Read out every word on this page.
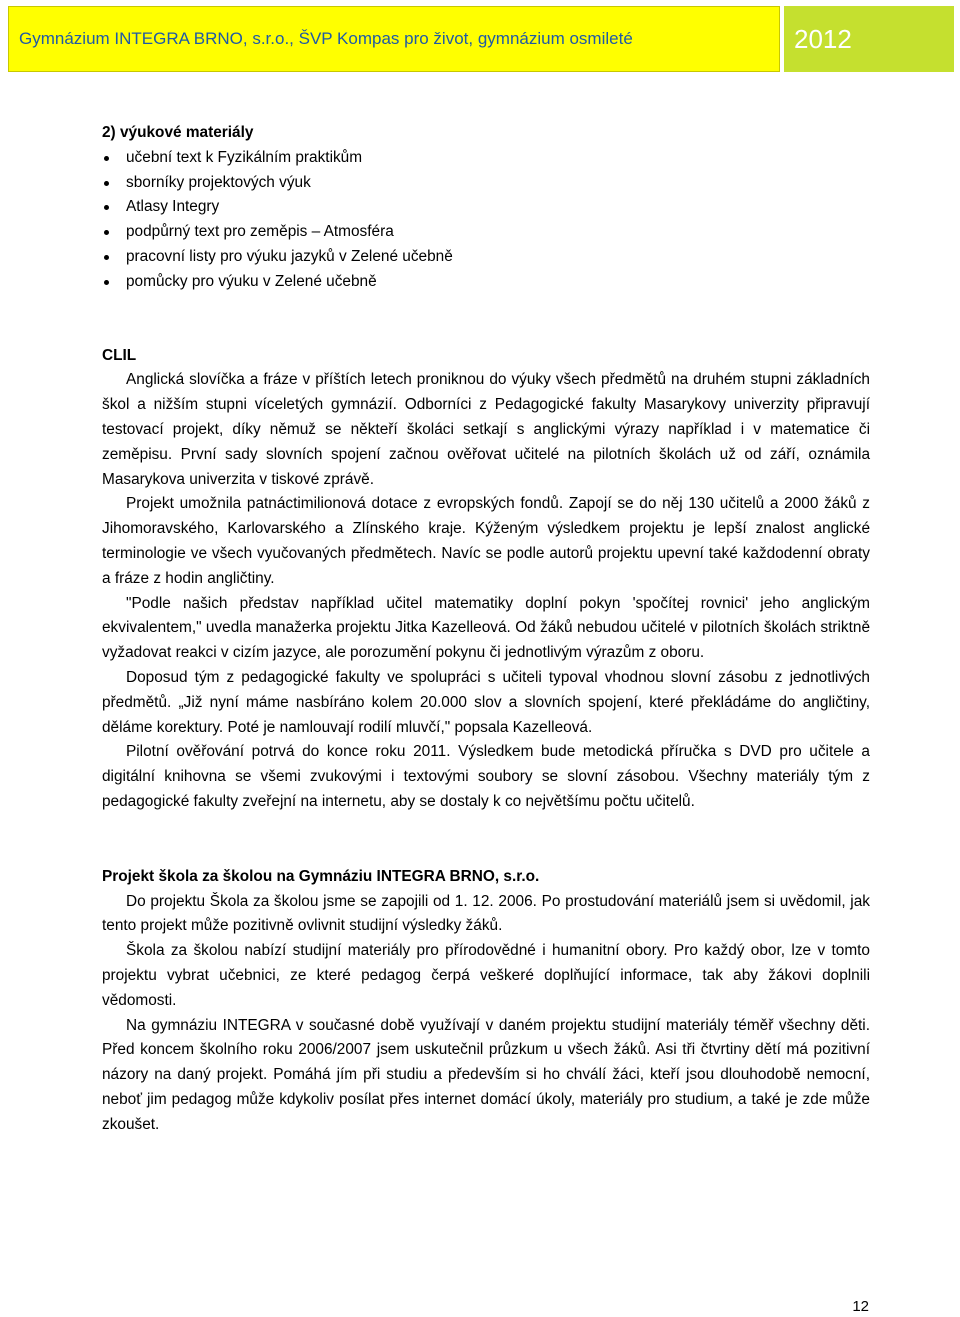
Gymnázium INTEGRA BRNO, s.r.o., ŠVP Kompas pro život, gymnázium osmileté	2012
2) výukové materiály
učební text k Fyzikálním praktikům
sborníky projektových výuk
Atlasy Integry
podpůrný text pro zeměpis – Atmosféra
pracovní listy pro výuku jazyků v Zelené učebně
pomůcky pro výuku v Zelené učebně
CLIL

Anglická slovíčka a fráze v příštích letech proniknou do výuky všech předmětů na druhém stupni základních škol a nižším stupni víceletých gymnázií. Odborníci z Pedagogické fakulty Masarykovy univerzity připravují testovací projekt, díky němuž se někteří školáci setkají s anglickými výrazy například i v matematice či zeměpisu. První sady slovních spojení začnou ověřovat učitelé na pilotních školách už od září, oznámila Masarykova univerzita v tiskové zprávě.

Projekt umožnila patnáctimilionová dotace z evropských fondů. Zapojí se do něj 130 učitelů a 2000 žáků z Jihomoravského, Karlovarského a Zlínského kraje. Kýženým výsledkem projektu je lepší znalost anglické terminologie ve všech vyučovaných předmětech. Navíc se podle autorů projektu upevní také každodenní obraty a fráze z hodin angličtiny.

"Podle našich představ například učitel matematiky doplní pokyn 'spočítej rovnici' jeho anglickým ekvivalentem," uvedla manažerka projektu Jitka Kazelleová. Od žáků nebudou učitelé v pilotních školách striktně vyžadovat reakci v cizím jazyce, ale porozumění pokynu či jednotlivým výrazům z oboru.

Doposud tým z pedagogické fakulty ve spolupráci s učiteli typoval vhodnou slovní zásobu z jednotlivých předmětů. „Již nyní máme nasbíráno kolem 20.000 slov a slovních spojení, které překládáme do angličtiny, děláme korektury. Poté je namlouvají rodilí mluvčí," popsala Kazelleová.

Pilotní ověřování potrvá do konce roku 2011. Výsledkem bude metodická příručka s DVD pro učitele a digitální knihovna se všemi zvukovými i textovými soubory se slovní zásobou. Všechny materiály tým z pedagogické fakulty zveřejní na internetu, aby se dostaly k co největšímu počtu učitelů.

Projekt škola za školou na Gymnáziu INTEGRA BRNO, s.r.o.

Do projektu Škola za školou jsme se zapojili od 1. 12. 2006. Po prostudování materiálů jsem si uvědomil, jak tento projekt může pozitivně ovlivnit studijní výsledky žáků.

Škola za školou nabízí studijní materiály pro přírodovědné i humanitní obory. Pro každý obor, lze v tomto projektu vybrat učebnici, ze které pedagog čerpá veškeré doplňující informace, tak aby žákovi doplnili vědomosti.

Na gymnáziu INTEGRA v současné době využívají v daném projektu studijní materiály téměř všechny děti. Před koncem školního roku 2006/2007 jsem uskutečnil průzkum u všech žáků. Asi tři čtvrtiny dětí má pozitivní názory na daný projekt. Pomáhá jím při studiu a především si ho chválí žáci, kteří jsou dlouhodobě nemocní, neboť jim pedagog může kdykoliv posílat přes internet domácí úkoly, materiály pro studium, a také je zde může zkoušet.

12
